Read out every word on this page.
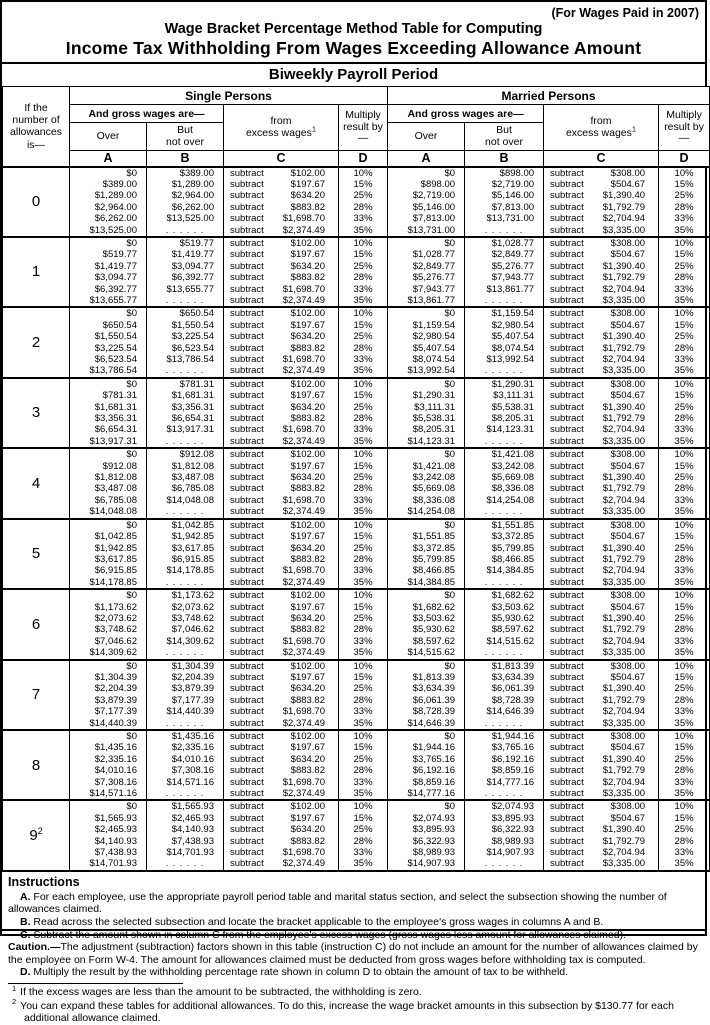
(For Wages Paid in 2007)
Wage Bracket Percentage Method Table for Computing
Income Tax Withholding From Wages Exceeding Allowance Amount
Biweekly Payroll Period
If the number of allowances is—	Single Persons				Married Persons			
	And gross wages are—		from
excess wages$^1$	Multiply result by—	And gross wages are—		from
excess wages$^1$	Multiply result by—
	Over	But
not over			Over	But
not over		
	A	B	C	D	A	B	C	D
0	$0	$389.00	subtract $102.00	10%	$0	$898.00	subtract $308.00	10%
	$389.00	$1,289.00	subtract $197.67	15%	$898.00	$2,719.00	subtract $504.67	15%
	$1,289.00	$2,964.00	subtract $634.20	25%	$2,719.00	$5,146.00	subtract $1,390.40	25%
	$2,964.00	$6,262.00	subtract $883.82	28%	$5,146.00	$7,813.00	subtract $1,792.79	28%
	$6,262.00	$13,525.00	subtract $1,698.70	33%	$7,813.00	$13,731.00	subtract $2,704.94	33%
	$13,525.00	. . . . . .	subtract $2,374.49	35%	$13,731.00	. . . . . .	subtract $3,335.00	35%
1	$0	$519.77	subtract $102.00	10%	$0	$1,028.77	subtract $308.00	10%
	$519.77	$1,419.77	subtract $197.67	15%	$1,028.77	$2,849.77	subtract $504.67	15%
	$1,419.77	$3,094.77	subtract $634.20	25%	$2,849.77	$5,276.77	subtract $1,390.40	25%
	$3,094.77	$6,392.77	subtract $883.82	28%	$5,276.77	$7,943.77	subtract $1,792.79	28%
	$6,392.77	$13,655.77	subtract $1,698.70	33%	$7,943.77	$13,861.77	subtract $2,704.94	33%
	$13,655.77	. . . . . .	subtract $2,374.49	35%	$13,861.77	. . . . . .	subtract $3,335.00	35%
2	$0	$650.54	subtract $102.00	10%	$0	$1,159.54	subtract $308.00	10%
	$650.54	$1,550.54	subtract $197.67	15%	$1,159.54	$2,980.54	subtract $504.67	15%
	$1,550.54	$3,225.54	subtract $634.20	25%	$2,980.54	$5,407.54	subtract $1,390.40	25%
	$3,225.54	$6,523.54	subtract $883.82	28%	$5,407.54	$8,074.54	subtract $1,792.79	28%
	$6,523.54	$13,786.54	subtract $1,698.70	33%	$8,074.54	$13,992.54	subtract $2,704.94	33%
	$13,786.54	. . . . . .	subtract $2,374.49	35%	$13,992.54	. . . . . .	subtract $3,335.00	35%
3	$0	$781.31	subtract $102.00	10%	$0	$1,290.31	subtract $308.00	10%
	$781.31	$1,681.31	subtract $197.67	15%	$1,290.31	$3,111.31	subtract $504.67	15%
	$1,681.31	$3,356.31	subtract $634.20	25%	$3,111.31	$5,538.31	subtract $1,390.40	25%
	$3,356.31	$6,654.31	subtract $883.82	28%	$5,538.31	$8,205.31	subtract $1,792.79	28%
	$6,654.31	$13,917.31	subtract $1,698.70	33%	$8,205.31	$14,123.31	subtract $2,704.94	33%
	$13,917.31	. . . . . .	subtract $2,374.49	35%	$14,123.31	. . . . . .	subtract $3,335.00	35%
4	$0	$912.08	subtract $102.00	10%	$0	$1,421.08	subtract $308.00	10%
	$912.08	$1,812.08	subtract $197.67	15%	$1,421.08	$3,242.08	subtract $504.67	15%
	$1,812.08	$3,487.08	subtract $634.20	25%	$3,242.08	$5,669.08	subtract $1,390.40	25%
	$3,487.08	$6,785.08	subtract $883.82	28%	$5,669.08	$8,336.08	subtract $1,792.79	28%
	$6,785.08	$14,048.08	subtract $1,698.70	33%	$8,336.08	$14,254.08	subtract $2,704.94	33%
	$14,048.08	. . . . . .	subtract $2,374.49	35%	$14,254.08	. . . . . .	subtract $3,335.00	35%
5	$0	$1,042.85	subtract $102.00	10%	$0	$1,551.85	subtract $308.00	10%
	$1,042.85	$1,942.85	subtract $197.67	15%	$1,551.85	$3,372.85	subtract $504.67	15%
	$1,942.85	$3,617.85	subtract $634.20	25%	$3,372.85	$5,799.85	subtract $1,390.40	25%
	$3,617.85	$6,915.85	subtract $883.82	28%	$5,799.85	$8,466.85	subtract $1,792.79	28%
	$6,915.85	$14,178.85	subtract $1,698.70	33%	$8,466.85	$14,384.85	subtract $2,704.94	33%
	$14,178.85	. . . . . .	subtract $2,374.49	35%	$14,384.85	. . . . . .	subtract $3,335.00	35%
6	$0	$1,173.62	subtract $102.00	10%	$0	$1,682.62	subtract $308.00	10%
	$1,173.62	$2,073.62	subtract $197.67	15%	$1,682.62	$3,503.62	subtract $504.67	15%
	$2,073.62	$3,748.62	subtract $634.20	25%	$3,503.62	$5,930.62	subtract $1,390.40	25%
	$3,748.62	$7,046.62	subtract $883.82	28%	$5,930.62	$8,597.62	subtract $1,792.79	28%
	$7,046.62	$14,309.62	subtract $1,698.70	33%	$8,597.62	$14,515.62	subtract $2,704.94	33%
	$14,309.62	. . . . . .	subtract $2,374.49	35%	$14,515.62	. . . . . .	subtract $3,335.00	35%
7	$0	$1,304.39	subtract $102.00	10%	$0	$1,813.39	subtract $308.00	10%
	$1,304.39	$2,204.39	subtract $197.67	15%	$1,813.39	$3,634.39	subtract $504.67	15%
	$2,204.39	$3,879.39	subtract $634.20	25%	$3,634.39	$6,061.39	subtract $1,390.40	25%
	$3,879.39	$7,177.39	subtract $883.82	28%	$6,061.39	$8,728.39	subtract $1,792.79	28%
	$7,177.39	$14,440.39	subtract $1,698.70	33%	$8,728.39	$14,646.39	subtract $2,704.94	33%
	$14,440.39	. . . . . .	subtract $2,374.49	35%	$14,646.39	. . . . . .	subtract $3,335.00	35%
8	$0	$1,435.16	subtract $102.00	10%	$0	$1,944.16	subtract $308.00	10%
	$1,435.16	$2,335.16	subtract $197.67	15%	$1,944.16	$3,765.16	subtract $504.67	15%
	$2,335.16	$4,010.16	subtract $634.20	25%	$3,765.16	$6,192.16	subtract $1,390.40	25%
	$4,010.16	$7,308.16	subtract $883.82	28%	$6,192.16	$8,859.16	subtract $1,792.79	28%
	$7,308.16	$14,571.16	subtract $1,698.70	33%	$8,859.16	$14,777.16	subtract $2,704.94	33%
	$14,571.16	. . . . . .	subtract $2,374.49	35%	$14,777.16	. . . . . .	subtract $3,335.00	35%
$9^2$	$0	$1,565.93	subtract $102.00	10%	$0	$2,074.93	subtract $308.00	10%
	$1,565.93	$2,465.93	subtract $197.67	15%	$2,074.93	$3,895.93	subtract $504.67	15%
	$2,465.93	$4,140.93	subtract $634.20	25%	$3,895.93	$6,322.93	subtract $1,390.40	25%
	$4,140.93	$7,438.93	subtract $883.82	28%	$6,322.93	$8,989.93	subtract $1,792.79	28%
	$7,438.93	$14,701.93	subtract $1,698.70	33%	$8,989.93	$14,907.93	subtract $2,704.94	33%
	$14,701.93	. . . . . .	subtract $2,374.49	35%	$14,907.93	. . . . . .	subtract $3,335.00	35%
Instructions

A. For each employee, use the appropriate payroll period table and marital status section, and select the subsection showing the number of allowances claimed.

B. Read across the selected subsection and locate the bracket applicable to the employee's gross wages in columns A and B.

C. Subtract the amount shown in column C from the employee's excess wages (gross wages less amount for allowances claimed).

Caution.—The adjustment (subtraction) factors shown in this table (instruction C) do not include an amount for the number of allowances claimed by the employee on Form W-4. The amount for allowances claimed must be deducted from gross wages before withholding tax is computed.

D. Multiply the result by the withholding percentage rate shown in column D to obtain the amount of tax to be withheld.

$^1$ If the excess wages are less than the amount to be subtracted, the withholding is zero.
$^2$ You can expand these tables for additional allowances. To do this, increase the wage bracket amounts in this subsection by $130.77 for each additional allowance claimed.
